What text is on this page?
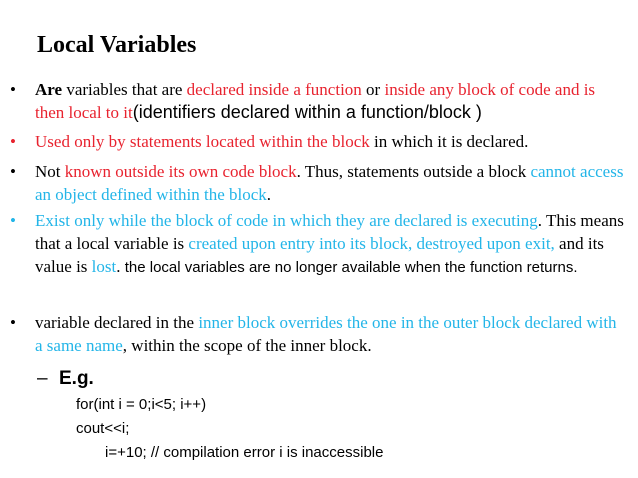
Local Variables
•	Are variables that are declared inside a function or inside any block of code and is then local to it(identifiers declared within a function/block )
•	Used only by statements located within the block in which it is declared.
•	Not known outside its own code block. Thus, statements outside a block cannot access an object defined within the block.
•	Exist only while the block of code in which they are declared is executing. This means that a local variable is created upon entry into its block, destroyed upon exit, and its value is lost. the local variables are no longer available when the function returns.
•	variable declared in the inner block overrides the one in the outer block declared with a same name, within the scope of the inner block.
– E.g.
for(int i = 0;i<5; i++)
cout<<i;
i=+10; // compilation error i is inaccessible
